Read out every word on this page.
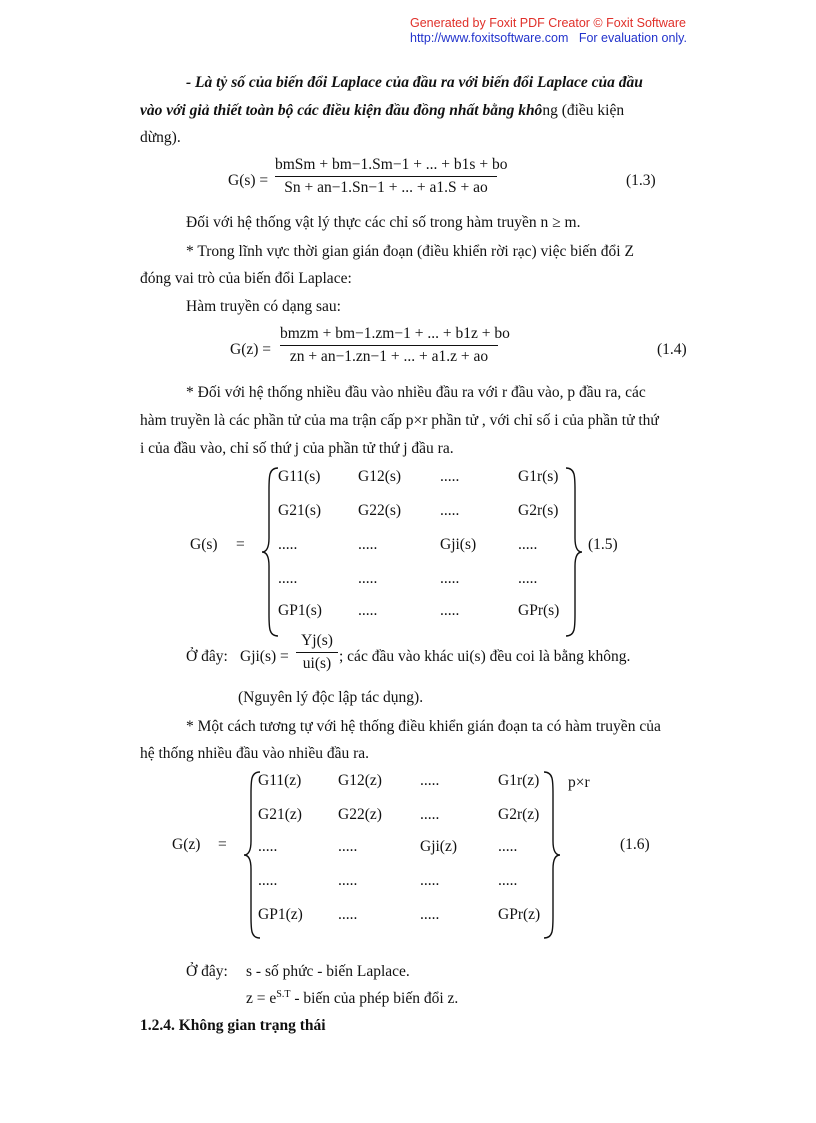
Generated by Foxit PDF Creator © Foxit Software
http://www.foxitsoftware.com For evaluation only.
- Là tỷ số của biến đổi Laplace của đầu ra với biến đổi Laplace của đầu
vào với giả thiết toàn bộ các điều kiện đầu đồng nhất bằng không (điều kiện
dừng).
G(s) =
bmSm + bm−1.Sm−1 + ... + b1s + bo
Sn + an−1.Sn−1 + ... + a1.S + ao	(1.3)
Đối với hệ thống vật lý thực các chỉ số trong hàm truyền n ≥ m.
* Trong lĩnh vực thời gian gián đoạn (điều khiển rời rạc) việc biến đổi Z
đóng vai trò của biến đổi Laplace:
Hàm truyền có dạng sau:
G(z) =
bmzm + bm−1.zm−1 + ... + b1z + bo
zn + an−1.zn−1 + ... + a1.z + ao	(1.4)
* Đối với hệ thống nhiều đầu vào nhiều đầu ra với r đầu vào, p đầu ra, các
hàm truyền là các phần tử của ma trận cấp p×r phần tử , với chỉ số i của phần tử thứ
i của đầu vào, chỉ số thứ j của phần tử thứ j đầu ra.
G(s) =
G11(s) G12(s)	.....	G1r(s)
G21(s) G22(s)	.....	G2r(s)
.....	.....	Gji(s)	.....
.....	.....	.....	.....
GP1(s) .....	.....	GPr(s)
(1.5)
Ở đây: Gji(s) =
Yj(s)
ui(s) ; các đầu vào khác ui(s) đều coi là bằng không.
(Nguyên lý độc lập tác dụng).
* Một cách tương tự với hệ thống điều khiển gián đoạn ta có hàm truyền của
hệ thống nhiều đầu vào nhiều đầu ra.
G(z) =
G11(z) G12(z) .....	G1r(z)
G21(z) G22(z) .....	G2r(z)
.....	.....	Gji(z)	.....
.....	.....	.....	.....
GP1(z) .....	.....	GPr(z)
p×r
(1.6)
Ở đây: s - số phức - biến Laplace.
$z = e^{S.T}$ - biến của phép biến đổi z.
1.2.4. Không gian trạng thái
